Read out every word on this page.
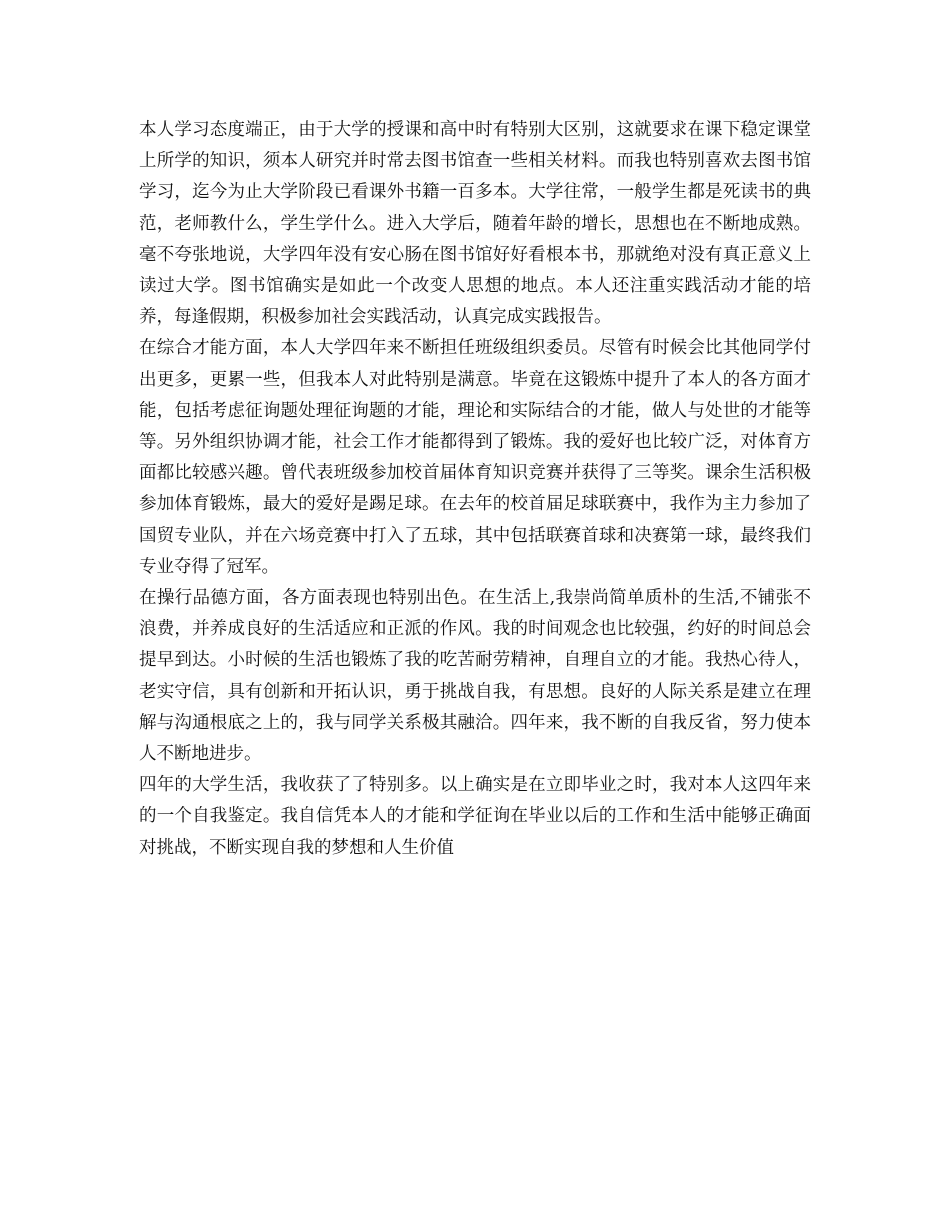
本人学习态度端正，由于大学的授课和高中时有特别大区别，这就要求在课下稳定课堂上所学的知识，须本人研究并时常去图书馆查一些相关材料。而我也特别喜欢去图书馆学习，迄今为止大学阶段已看课外书籍一百多本。大学往常，一般学生都是死读书的典范，老师教什么，学生学什么。进入大学后，随着年龄的增长，思想也在不断地成熟。毫不夸张地说，大学四年没有安心肠在图书馆好好看根本书，那就绝对没有真正意义上读过大学。图书馆确实是如此一个改变人思想的地点。本人还注重实践活动才能的培养，每逢假期，积极参加社会实践活动，认真完成实践报告。

在综合才能方面，本人大学四年来不断担任班级组织委员。尽管有时候会比其他同学付出更多，更累一些，但我本人对此特别是满意。毕竟在这锻炼中提升了本人的各方面才能，包括考虑征询题处理征询题的才能，理论和实际结合的才能，做人与处世的才能等等。另外组织协调才能，社会工作才能都得到了锻炼。我的爱好也比较广泛，对体育方面都比较感兴趣。曾代表班级参加校首届体育知识竞赛并获得了三等奖。课余生活积极参加体育锻炼，最大的爱好是踢足球。在去年的校首届足球联赛中，我作为主力参加了国贸专业队，并在六场竞赛中打入了五球，其中包括联赛首球和决赛第一球，最终我们专业夺得了冠军。

在操行品德方面，各方面表现也特别出色。在生活上,我崇尚简单质朴的生活,不铺张不浪费，并养成良好的生活适应和正派的作风。我的时间观念也比较强，约好的时间总会提早到达。小时候的生活也锻炼了我的吃苦耐劳精神，自理自立的才能。我热心待人，老实守信，具有创新和开拓认识，勇于挑战自我，有思想。良好的人际关系是建立在理解与沟通根底之上的，我与同学关系极其融洽。四年来，我不断的自我反省，努力使本人不断地进步。

四年的大学生活，我收获了了特别多。以上确实是在立即毕业之时，我对本人这四年来的一个自我鉴定。我自信凭本人的才能和学征询在毕业以后的工作和生活中能够正确面对挑战，不断实现自我的梦想和人生价值
